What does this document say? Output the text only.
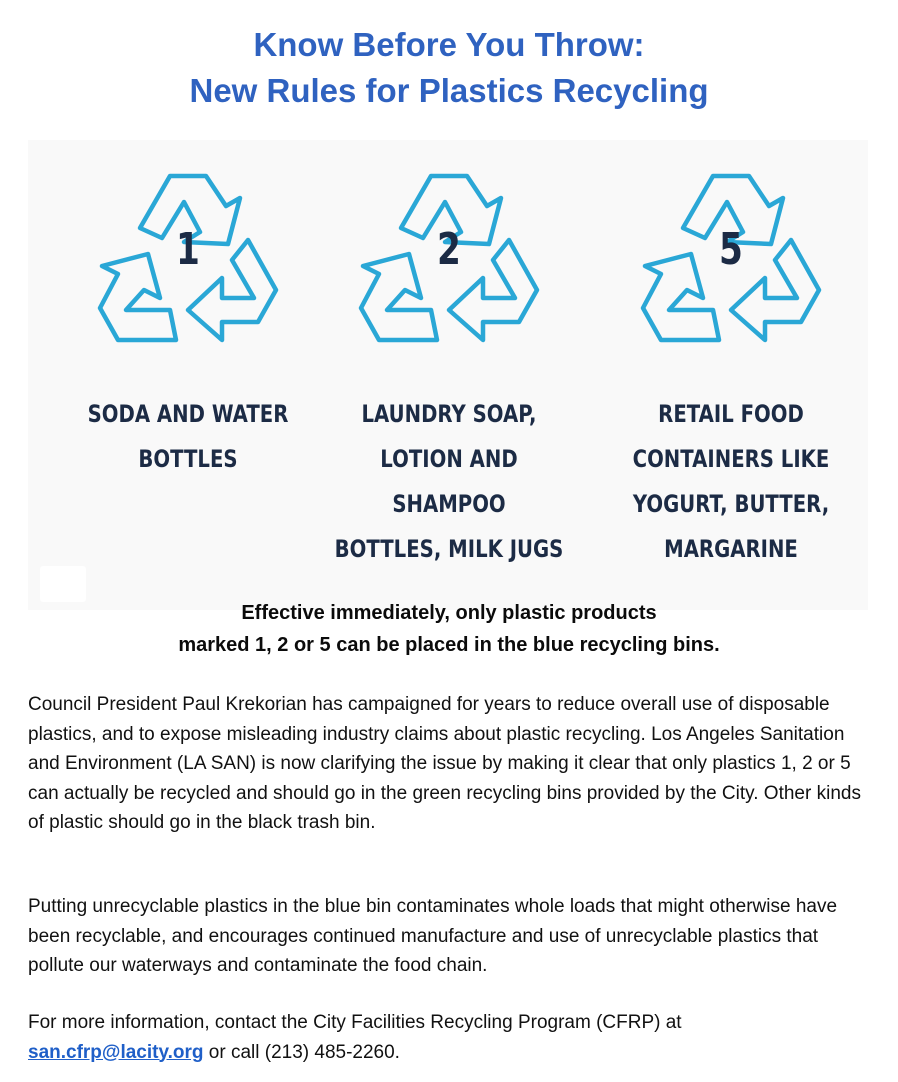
Know Before You Throw:
New Rules for Plastics Recycling
1
SODA AND WATER
BOTTLES
2
LAUNDRY SOAP,
LOTION AND SHAMPOO
BOTTLES, MILK JUGS
5
RETAIL FOOD
CONTAINERS LIKE
YOGURT, BUTTER,
MARGARINE
Effective immediately, only plastic products
marked 1, 2 or 5 can be placed in the blue recycling bins.
Council President Paul Krekorian has campaigned for years to reduce overall use of disposable plastics, and to expose misleading industry claims about plastic recycling. Los Angeles Sanitation and Environment (LA SAN) is now clarifying the issue by making it clear that only plastics 1, 2 or 5 can actually be recycled and should go in the green recycling bins provided by the City. Other kinds of plastic should go in the black trash bin.
Putting unrecyclable plastics in the blue bin contaminates whole loads that might otherwise have been recyclable, and encourages continued manufacture and use of unrecyclable plastics that pollute our waterways and contaminate the food chain.
For more information, contact the City Facilities Recycling Program (CFRP) at
san.cfrp@lacity.org or call (213) 485-2260.
